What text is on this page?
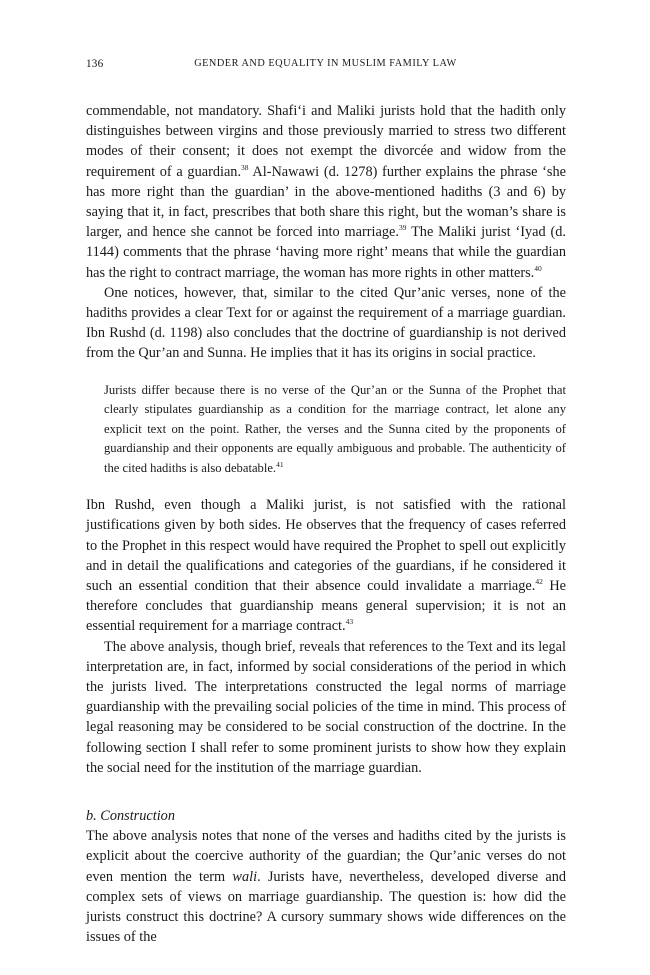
136	GENDER AND EQUALITY IN MUSLIM FAMILY LAW

commendable, not mandatory. Shafi‘i and Maliki jurists hold that the hadith only distinguishes between virgins and those previously married to stress two different modes of their consent; it does not exempt the divorcée and widow from the requirement of a guardian.$^{38}$ Al-Nawawi (d. 1278) further explains the phrase ‘she has more right than the guardian’ in the above-mentioned hadiths (3 and 6) by saying that it, in fact, prescribes that both share this right, but the woman’s share is larger, and hence she cannot be forced into marriage.$^{39}$ The Maliki jurist ‘Iyad (d. 1144) comments that the phrase ‘having more right’ means that while the guardian has the right to contract marriage, the woman has more rights in other matters.$^{40}$

One notices, however, that, similar to the cited Qur’anic verses, none of the hadiths provides a clear Text for or against the requirement of a marriage guardian. Ibn Rushd (d. 1198) also concludes that the doctrine of guardianship is not derived from the Qur’an and Sunna. He implies that it has its origins in social practice.

Jurists differ because there is no verse of the Qur’an or the Sunna of the Prophet that clearly stipulates guardianship as a condition for the marriage contract, let alone any explicit text on the point. Rather, the verses and the Sunna cited by the proponents of guardianship and their opponents are equally ambiguous and probable. The authenticity of the cited hadiths is also debatable.$^{41}$

Ibn Rushd, even though a Maliki jurist, is not satisfied with the rational justifications given by both sides. He observes that the frequency of cases referred to the Prophet in this respect would have required the Prophet to spell out explicitly and in detail the qualifications and categories of the guardians, if he considered it such an essential condition that their absence could invalidate a marriage.$^{42}$ He therefore concludes that guardianship means general supervision; it is not an essential requirement for a marriage contract.$^{43}$

The above analysis, though brief, reveals that references to the Text and its legal interpretation are, in fact, informed by social considerations of the period in which the jurists lived. The interpretations constructed the legal norms of marriage guardianship with the prevailing social policies of the time in mind. This process of legal reasoning may be considered to be social construction of the doctrine. In the following section I shall refer to some prominent jurists to show how they explain the social need for the institution of the marriage guardian.

b. Construction

The above analysis notes that none of the verses and hadiths cited by the jurists is explicit about the coercive authority of the guardian; the Qur’anic verses do not even mention the term wali. Jurists have, nevertheless, developed diverse and complex sets of views on marriage guardianship. The question is: how did the jurists construct this doctrine? A cursory summary shows wide differences on the issues of the
